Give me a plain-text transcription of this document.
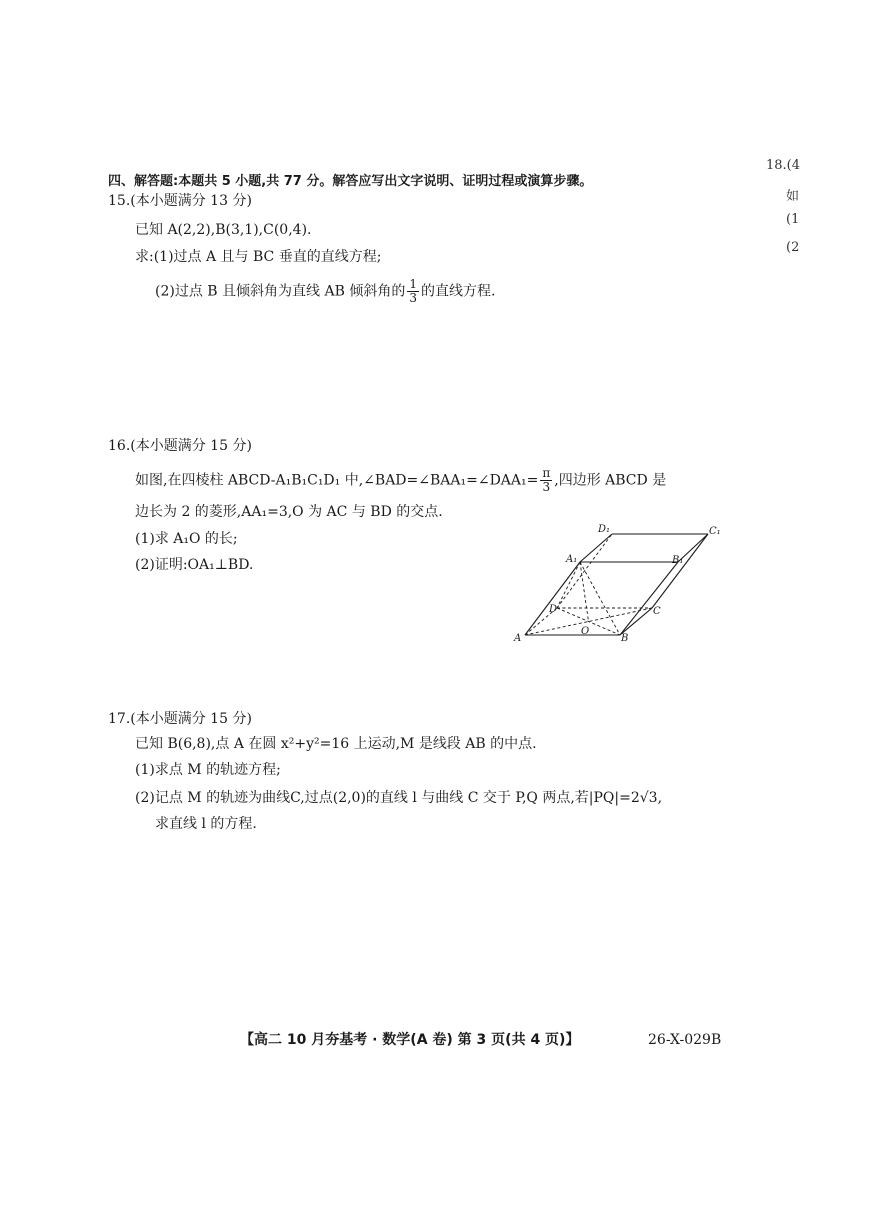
四、解答题:本题共 5 小题,共 77 分。解答应写出文字说明、证明过程或演算步骤。
18.(4
如
(1
(2
15.(本小题满分 13 分)
已知 A(2,2),B(3,1),C(0,4).
求:(1)过点 A 且与 BC 垂直的直线方程;
(2)过点 B 且倾斜角为直线 AB 倾斜角的 $\frac{1}{3}$ 的直线方程.
16.(本小题满分 15 分)
如图,在四棱柱 ABCD-A₁B₁C₁D₁ 中,∠BAD=∠BAA₁=∠DAA₁= $\frac{\pi}{3}$ ,四边形 ABCD 是
边长为 2 的菱形,AA₁=3,O 为 AC 与 BD 的交点.
(1)求 A₁O 的长;
(2)证明:OA₁⊥BD.
D₁	C₁
A₁	B₁
D	C
A	B
O
17.(本小题满分 15 分)
已知 B(6,8),点 A 在圆 x²+y²=16 上运动,M 是线段 AB 的中点.
(1)求点 M 的轨迹方程;
(2)记点 M 的轨迹为曲线C,过点(2,0)的直线 l 与曲线 C 交于 P,Q 两点,若|PQ|=2√3,
求直线 l 的方程.
【高二 10 月夯基考 · 数学(A 卷) 第 3 页(共 4 页)】	26-X-029B
